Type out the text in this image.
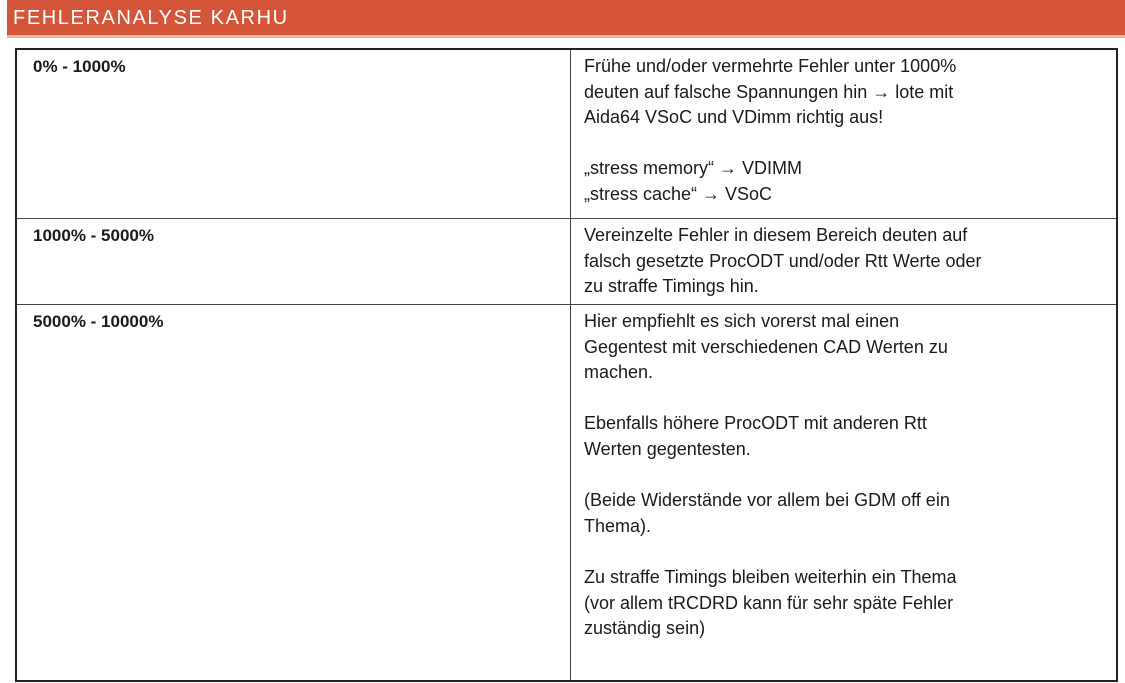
FEHLERANALYSE KARHU
0% - 1000%	Frühe und/oder vermehrte Fehler unter 1000%
deuten auf falsche Spannungen hin → lote mit
Aida64 VSoC und VDimm richtig aus!

„stress memory“ → VDIMM
„stress cache“ → VSoC

1000% - 5000%	Vereinzelte Fehler in diesem Bereich deuten auf
falsch gesetzte ProcODT und/oder Rtt Werte oder
zu straffe Timings hin.

5000% - 10000%	Hier empfiehlt es sich vorerst mal einen
Gegentest mit verschiedenen CAD Werten zu
machen.

Ebenfalls höhere ProcODT mit anderen Rtt
Werten gegentesten.

(Beide Widerstände vor allem bei GDM off ein
Thema).

Zu straffe Timings bleiben weiterhin ein Thema
(vor allem tRCDRD kann für sehr späte Fehler
zuständig sein)
